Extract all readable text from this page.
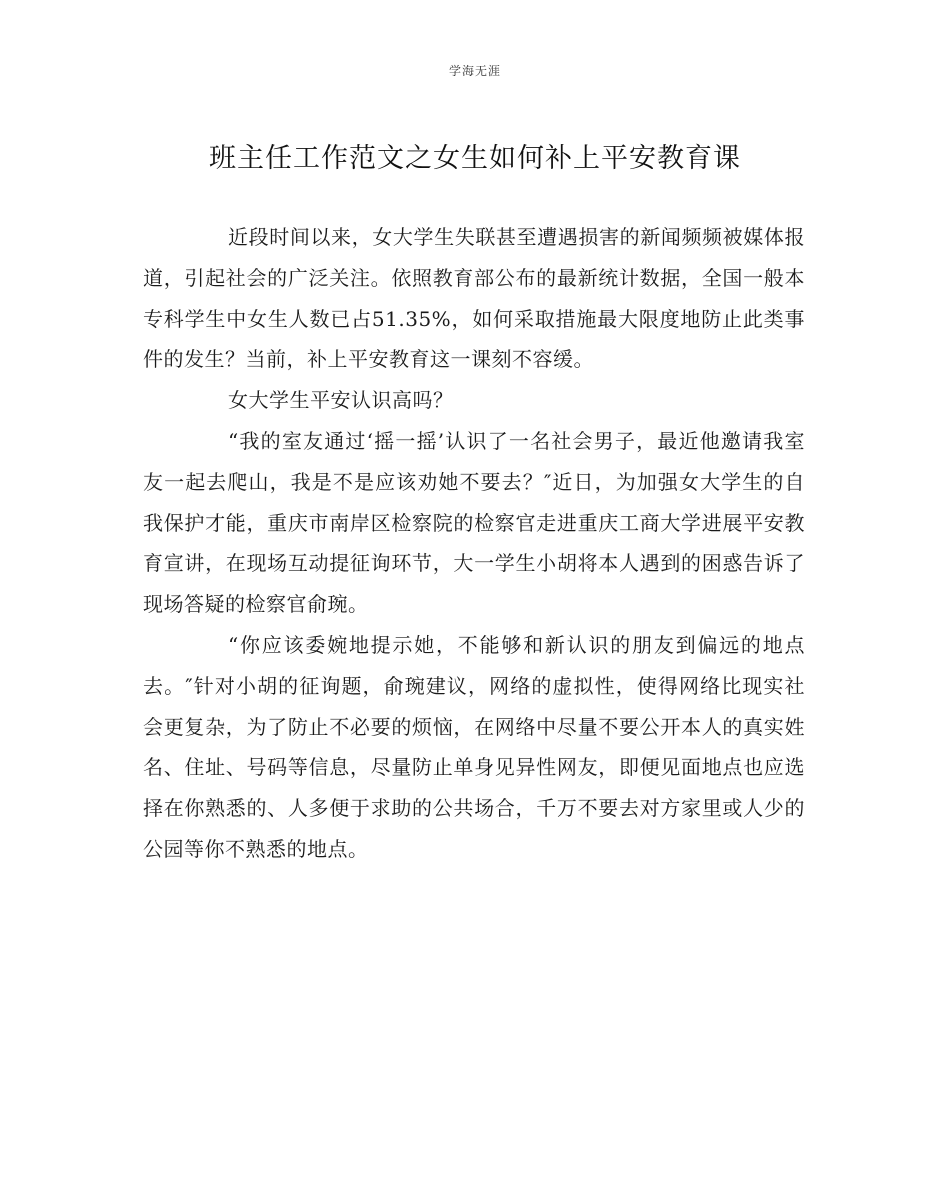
学海无涯
班主任工作范文之女生如何补上平安教育课

近段时间以来，女大学生失联甚至遭遇损害的新闻频频被媒体报道，引起社会的广泛关注。依照教育部公布的最新统计数据，全国一般本专科学生中女生人数已占51.35%，如何采取措施最大限度地防止此类事件的发生？当前，补上平安教育这一课刻不容缓。

女大学生平安认识高吗？

“我的室友通过‘摇一摇’认识了一名社会男子，最近他邀请我室友一起去爬山，我是不是应该劝她不要去？″近日，为加强女大学生的自我保护才能，重庆市南岸区检察院的检察官走进重庆工商大学进展平安教育宣讲，在现场互动提征询环节，大一学生小胡将本人遇到的困惑告诉了现场答疑的检察官俞琬。

“你应该委婉地提示她，不能够和新认识的朋友到偏远的地点去。″针对小胡的征询题，俞琬建议，网络的虚拟性，使得网络比现实社会更复杂，为了防止不必要的烦恼，在网络中尽量不要公开本人的真实姓名、住址、号码等信息，尽量防止单身见异性网友，即便见面地点也应选择在你熟悉的、人多便于求助的公共场合，千万不要去对方家里或人少的公园等你不熟悉的地点。
